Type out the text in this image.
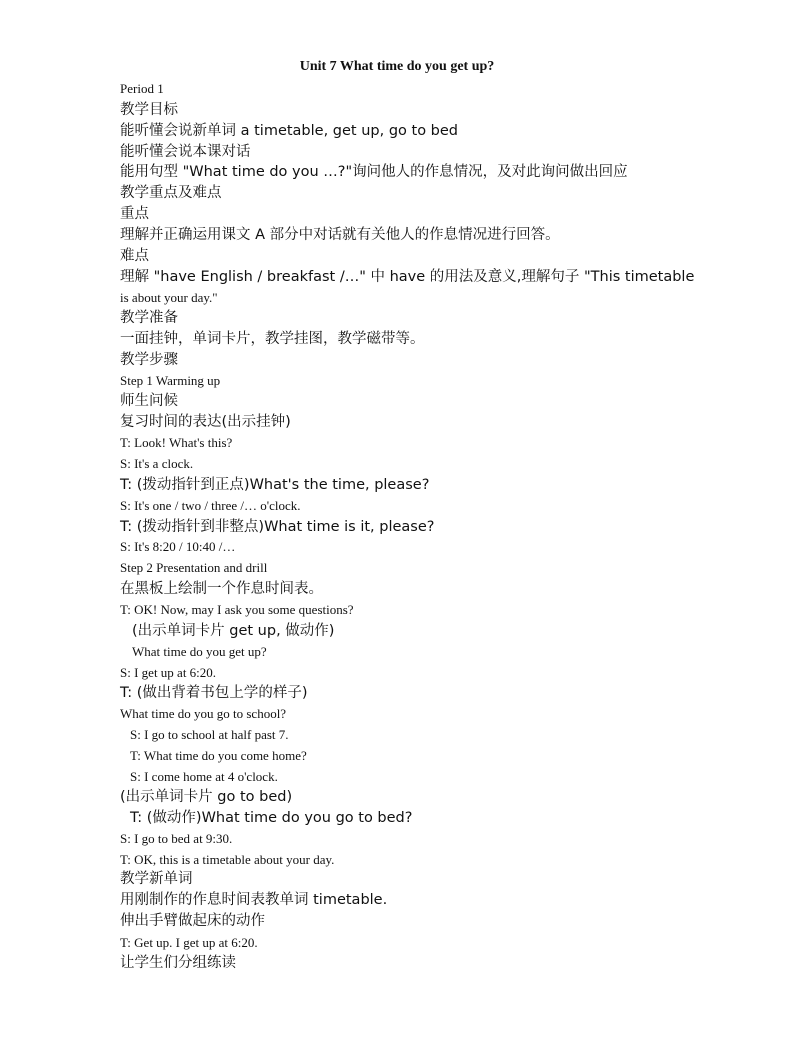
Unit 7 What time do you get up?
Period 1
教学目标
能听懂会说新单词 a timetable, get up, go to bed
能听懂会说本课对话
能用句型 "What time do you …?"询问他人的作息情况，及对此询问做出回应
教学重点及难点
重点
理解并正确运用课文 A 部分中对话就有关他人的作息情况进行回答。
难点
理解 "have English / breakfast /…" 中 have 的用法及意义,理解句子 "This timetable
is about your day."
教学准备
一面挂钟，单词卡片，教学挂图，教学磁带等。
教学步骤
Step 1 Warming up
师生问候
复习时间的表达(出示挂钟)
T: Look! What's this?
S: It's a clock.
T: (拨动指针到正点)What's the time, please?
S: It's one / two / three /… o'clock.
T: (拨动指针到非整点)What time is it, please?
S: It's 8:20 / 10:40 /…
Step 2 Presentation and drill
在黑板上绘制一个作息时间表。
T: OK! Now, may I ask you some questions?
(出示单词卡片 get up, 做动作)
What time do you get up?
S: I get up at 6:20.
T: (做出背着书包上学的样子)
What time do you go to school?
S: I go to school at half past 7.
T: What time do you come home?
S: I come home at 4 o'clock.
(出示单词卡片 go to bed)
T: (做动作)What time do you go to bed?
S: I go to bed at 9:30.
T: OK, this is a timetable about your day.
教学新单词
用刚制作的作息时间表教单词 timetable.
伸出手臂做起床的动作
T: Get up. I get up at 6:20.
让学生们分组练读
